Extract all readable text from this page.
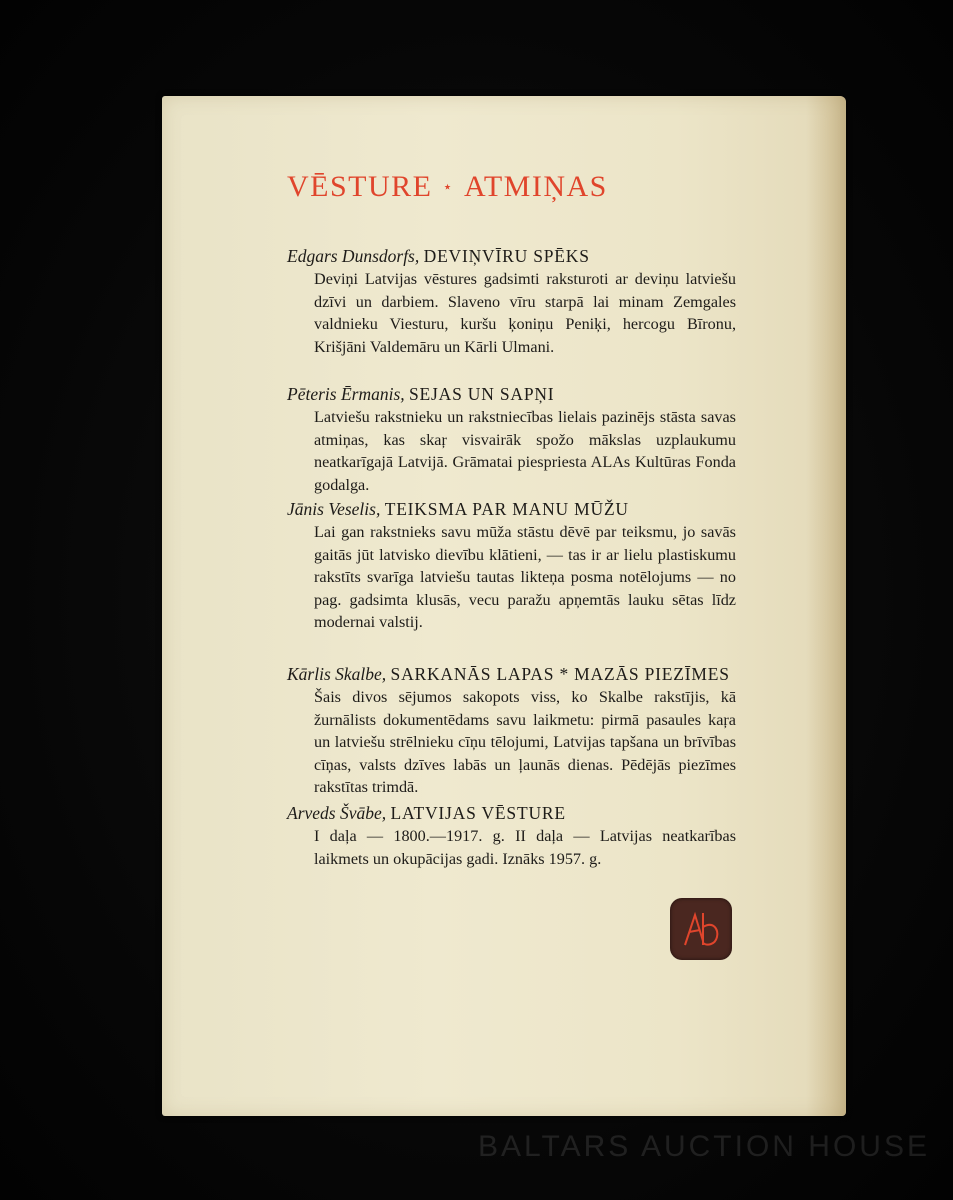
VĒSTURE ⋆ ATMIŅAS
Edgars Dunsdorfs, DEVIŅVĪRU SPĒKS
Deviņi Latvijas vēstures gadsimti raksturoti ar deviņu latviešu dzīvi un darbiem. Slaveno vīru starpā lai minam Zemgales valdnieku Viesturu, kuršu ķoniņu Peniķi, hercogu Bīronu, Krišjāni Valdemāru un Kārli Ulmani.
Pēteris Ērmanis, SEJAS UN SAPŅI
Latviešu rakstnieku un rakstniecības lielais pazinējs stāsta savas atmiņas, kas skaŗ visvairāk spožo mākslas uzplaukumu neatkarīgajā Latvijā. Grāmatai piespriesta ALAs Kultūras Fonda godalga.
Jānis Veselis, TEIKSMA PAR MANU MŪŽU
Lai gan rakstnieks savu mūža stāstu dēvē par teiksmu, jo savās gaitās jūt latvisko dievību klātieni, — tas ir ar lielu plastiskumu rakstīts svarīga latviešu tautas likteņa posma notēlojums — no pag. gadsimta klusās, vecu paražu apņemtās lauku sētas līdz modernai valstij.
Kārlis Skalbe, SARKANĀS LAPAS * MAZĀS PIEZĪMES
Šais divos sējumos sakopots viss, ko Skalbe rakstījis, kā žurnālists dokumentēdams savu laikmetu: pirmā pasaules kaŗa un latviešu strēlnieku cīņu tēlojumi, Latvijas tapšana un brīvības cīņas, valsts dzīves labās un ļaunās dienas. Pēdējās piezīmes rakstītas trimdā.
Arveds Švābe, LATVIJAS VĒSTURE
I daļa — 1800.—1917. g. II daļa — Latvijas neatkarības laikmets un okupācijas gadi. Iznāks 1957. g.
BALTARS AUCTION HOUSE
